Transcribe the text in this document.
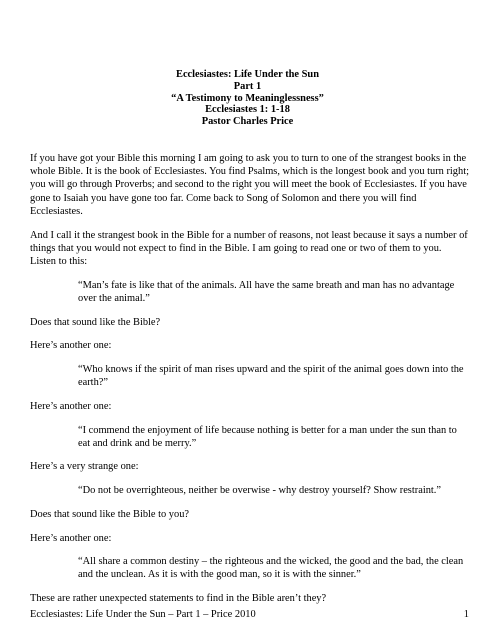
Ecclesiastes: Life Under the Sun
Part 1
“A Testimony to Meaninglessness”
Ecclesiastes 1: 1-18
Pastor Charles Price

If you have got your Bible this morning I am going to ask you to turn to one of the strangest books in the whole Bible. It is the book of Ecclesiastes. You find Psalms, which is the longest book and you turn right; you will go through Proverbs; and second to the right you will meet the book of Ecclesiastes. If you have gone to Isaiah you have gone too far. Come back to Song of Solomon and there you will find Ecclesiastes.

And I call it the strangest book in the Bible for a number of reasons, not least because it says a number of things that you would not expect to find in the Bible. I am going to read one or two of them to you. Listen to this:

“Man’s fate is like that of the animals. All have the same breath and man has no advantage over the animal.”

Does that sound like the Bible?

Here’s another one:

“Who knows if the spirit of man rises upward and the spirit of the animal goes down into the earth?”

Here’s another one:

“I commend the enjoyment of life because nothing is better for a man under the sun than to eat and drink and be merry.”

Here’s a very strange one:

“Do not be overrighteous, neither be overwise - why destroy yourself? Show restraint.”

Does that sound like the Bible to you?

Here’s another one:

“All share a common destiny – the righteous and the wicked, the good and the bad, the clean and the unclean. As it is with the good man, so it is with the sinner.”

These are rather unexpected statements to find in the Bible aren’t they?

Ecclesiastes: Life Under the Sun – Part 1 – Price 2010	1
